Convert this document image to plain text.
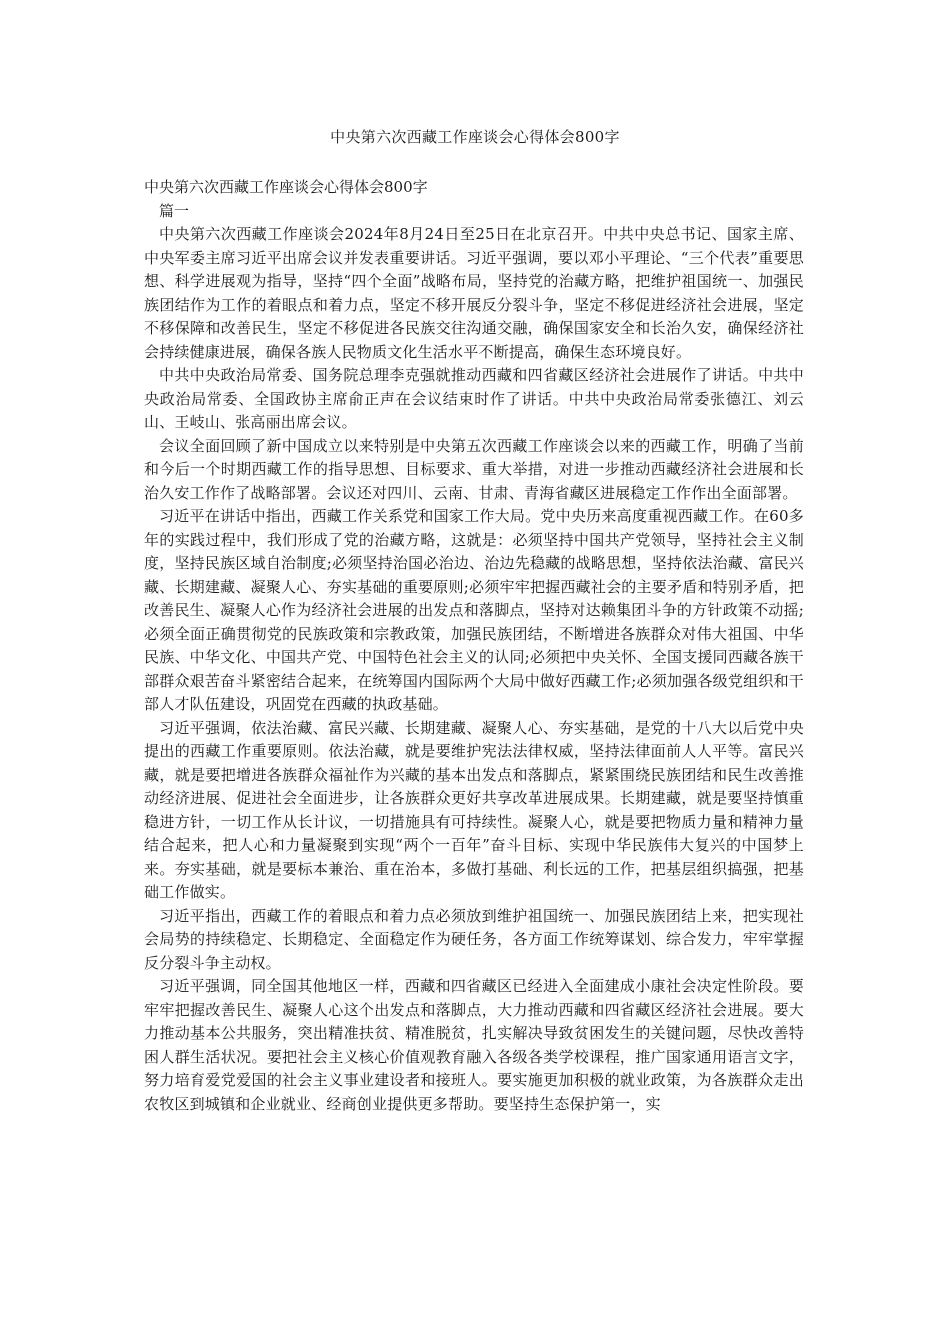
中央第六次西藏工作座谈会心得体会800字

中央第六次西藏工作座谈会心得体会800字

篇一

中央第六次西藏工作座谈会2024年8月24日至25日在北京召开。中共中央总书记、国家主席、中央军委主席习近平出席会议并发表重要讲话。习近平强调，要以邓小平理论、“三个代表”重要思想、科学进展观为指导，坚持“四个全面”战略布局，坚持党的治藏方略，把维护祖国统一、加强民族团结作为工作的着眼点和着力点，坚定不移开展反分裂斗争，坚定不移促进经济社会进展，坚定不移保障和改善民生，坚定不移促进各民族交往沟通交融，确保国家安全和长治久安，确保经济社会持续健康进展，确保各族人民物质文化生活水平不断提高，确保生态环境良好。

中共中央政治局常委、国务院总理李克强就推动西藏和四省藏区经济社会进展作了讲话。中共中央政治局常委、全国政协主席俞正声在会议结束时作了讲话。中共中央政治局常委张德江、刘云山、王岐山、张高丽出席会议。

会议全面回顾了新中国成立以来特别是中央第五次西藏工作座谈会以来的西藏工作，明确了当前和今后一个时期西藏工作的指导思想、目标要求、重大举措，对进一步推动西藏经济社会进展和长治久安工作作了战略部署。会议还对四川、云南、甘肃、青海省藏区进展稳定工作作出全面部署。

习近平在讲话中指出，西藏工作关系党和国家工作大局。党中央历来高度重视西藏工作。在60多年的实践过程中，我们形成了党的治藏方略，这就是：必须坚持中国共产党领导，坚持社会主义制度，坚持民族区域自治制度;必须坚持治国必治边、治边先稳藏的战略思想，坚持依法治藏、富民兴藏、长期建藏、凝聚人心、夯实基础的重要原则;必须牢牢把握西藏社会的主要矛盾和特别矛盾，把改善民生、凝聚人心作为经济社会进展的出发点和落脚点，坚持对达赖集团斗争的方针政策不动摇;必须全面正确贯彻党的民族政策和宗教政策，加强民族团结，不断增进各族群众对伟大祖国、中华民族、中华文化、中国共产党、中国特色社会主义的认同;必须把中央关怀、全国支援同西藏各族干部群众艰苦奋斗紧密结合起来，在统筹国内国际两个大局中做好西藏工作;必须加强各级党组织和干部人才队伍建设，巩固党在西藏的执政基础。

习近平强调，依法治藏、富民兴藏、长期建藏、凝聚人心、夯实基础，是党的十八大以后党中央提出的西藏工作重要原则。依法治藏，就是要维护宪法法律权威，坚持法律面前人人平等。富民兴藏，就是要把增进各族群众福祉作为兴藏的基本出发点和落脚点，紧紧围绕民族团结和民生改善推动经济进展、促进社会全面进步，让各族群众更好共享改革进展成果。长期建藏，就是要坚持慎重稳进方针，一切工作从长计议，一切措施具有可持续性。凝聚人心，就是要把物质力量和精神力量结合起来，把人心和力量凝聚到实现“两个一百年”奋斗目标、实现中华民族伟大复兴的中国梦上来。夯实基础，就是要标本兼治、重在治本，多做打基础、利长远的工作，把基层组织搞强，把基础工作做实。

习近平指出，西藏工作的着眼点和着力点必须放到维护祖国统一、加强民族团结上来，把实现社会局势的持续稳定、长期稳定、全面稳定作为硬任务，各方面工作统筹谋划、综合发力，牢牢掌握反分裂斗争主动权。

习近平强调，同全国其他地区一样，西藏和四省藏区已经进入全面建成小康社会决定性阶段。要牢牢把握改善民生、凝聚人心这个出发点和落脚点，大力推动西藏和四省藏区经济社会进展。要大力推动基本公共服务，突出精准扶贫、精准脱贫，扎实解决导致贫困发生的关键问题，尽快改善特困人群生活状况。要把社会主义核心价值观教育融入各级各类学校课程，推广国家通用语言文字，努力培育爱党爱国的社会主义事业建设者和接班人。要实施更加积极的就业政策，为各族群众走出农牧区到城镇和企业就业、经商创业提供更多帮助。要坚持生态保护第一，实
